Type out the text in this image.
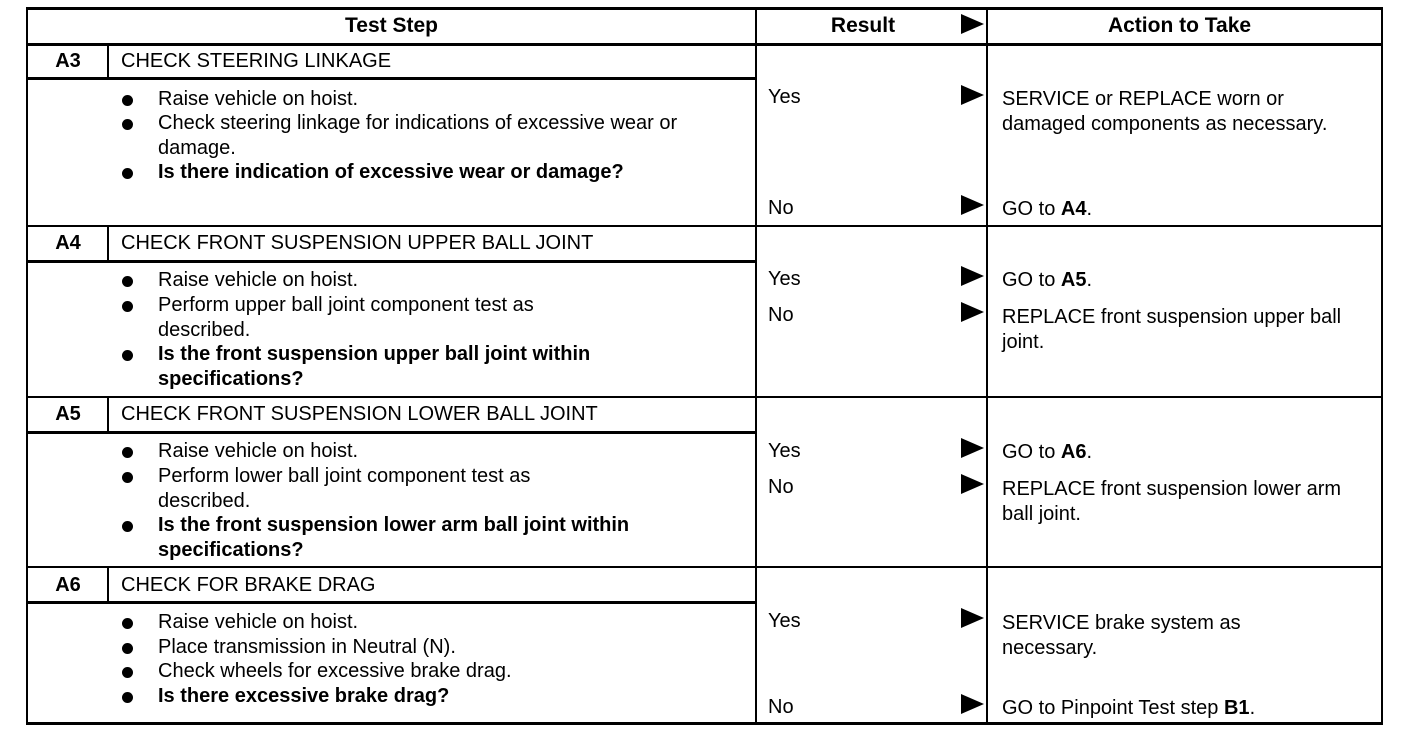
Test Step	Result	Action to Take
A3	CHECK STEERING LINKAGE
Raise vehicle on hoist.
Check steering linkage for indications of excessive wear or damage.
Is there indication of excessive wear or damage?
Yes	SERVICE or REPLACE worn or damaged components as necessary.
No	GO to A4.
A4	CHECK FRONT SUSPENSION UPPER BALL JOINT
Raise vehicle on hoist.
Perform upper ball joint component test as described.
Is the front suspension upper ball joint within specifications?
Yes	GO to A5.
No	REPLACE front suspension upper ball joint.
A5	CHECK FRONT SUSPENSION LOWER BALL JOINT
Raise vehicle on hoist.
Perform lower ball joint component test as described.
Is the front suspension lower arm ball joint within specifications?
Yes	GO to A6.
No	REPLACE front suspension lower arm ball joint.
A6	CHECK FOR BRAKE DRAG
Raise vehicle on hoist.
Place transmission in Neutral (N).
Check wheels for excessive brake drag.
Is there excessive brake drag?
Yes	SERVICE brake system as necessary.
No	GO to Pinpoint Test step B1.
